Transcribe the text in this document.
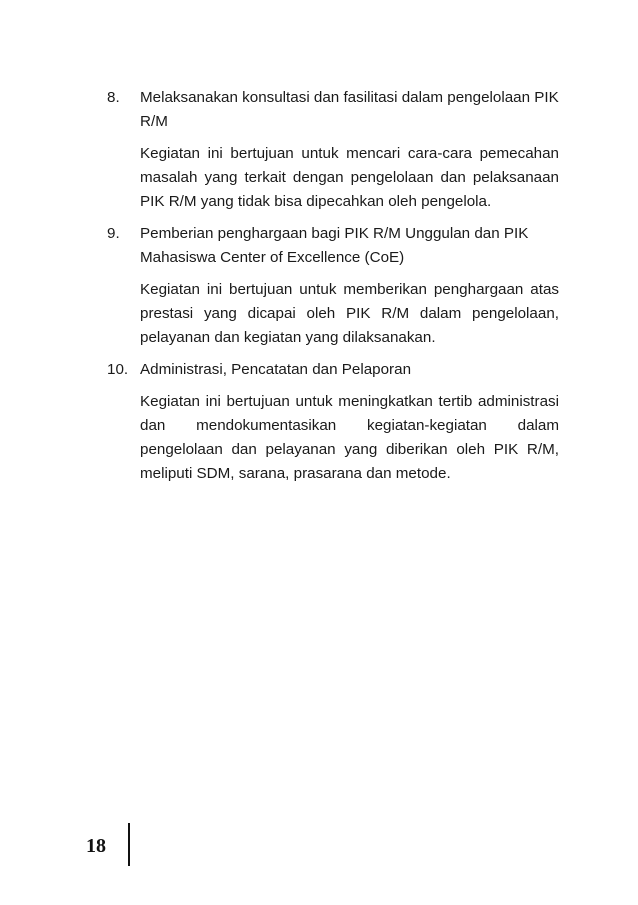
8. Melaksanakan konsultasi dan fasilitasi dalam pengelolaan PIK R/M
Kegiatan ini bertujuan untuk mencari cara-cara pemecahan masalah yang terkait dengan pengelolaan dan pelaksanaan PIK R/M yang tidak bisa dipecahkan oleh pengelola.
9. Pemberian penghargaan bagi PIK R/M Unggulan dan PIK Mahasiswa Center of Excellence (CoE)
Kegiatan ini bertujuan untuk memberikan penghargaan atas prestasi yang dicapai oleh PIK R/M dalam pengelolaan, pelayanan dan kegiatan yang dilaksanakan.
10. Administrasi, Pencatatan dan Pelaporan
Kegiatan ini bertujuan untuk meningkatkan tertib administrasi dan mendokumentasikan kegiatan-kegiatan dalam pengelolaan dan pelayanan yang diberikan oleh PIK R/M, meliputi SDM, sarana, prasarana dan metode.
18
